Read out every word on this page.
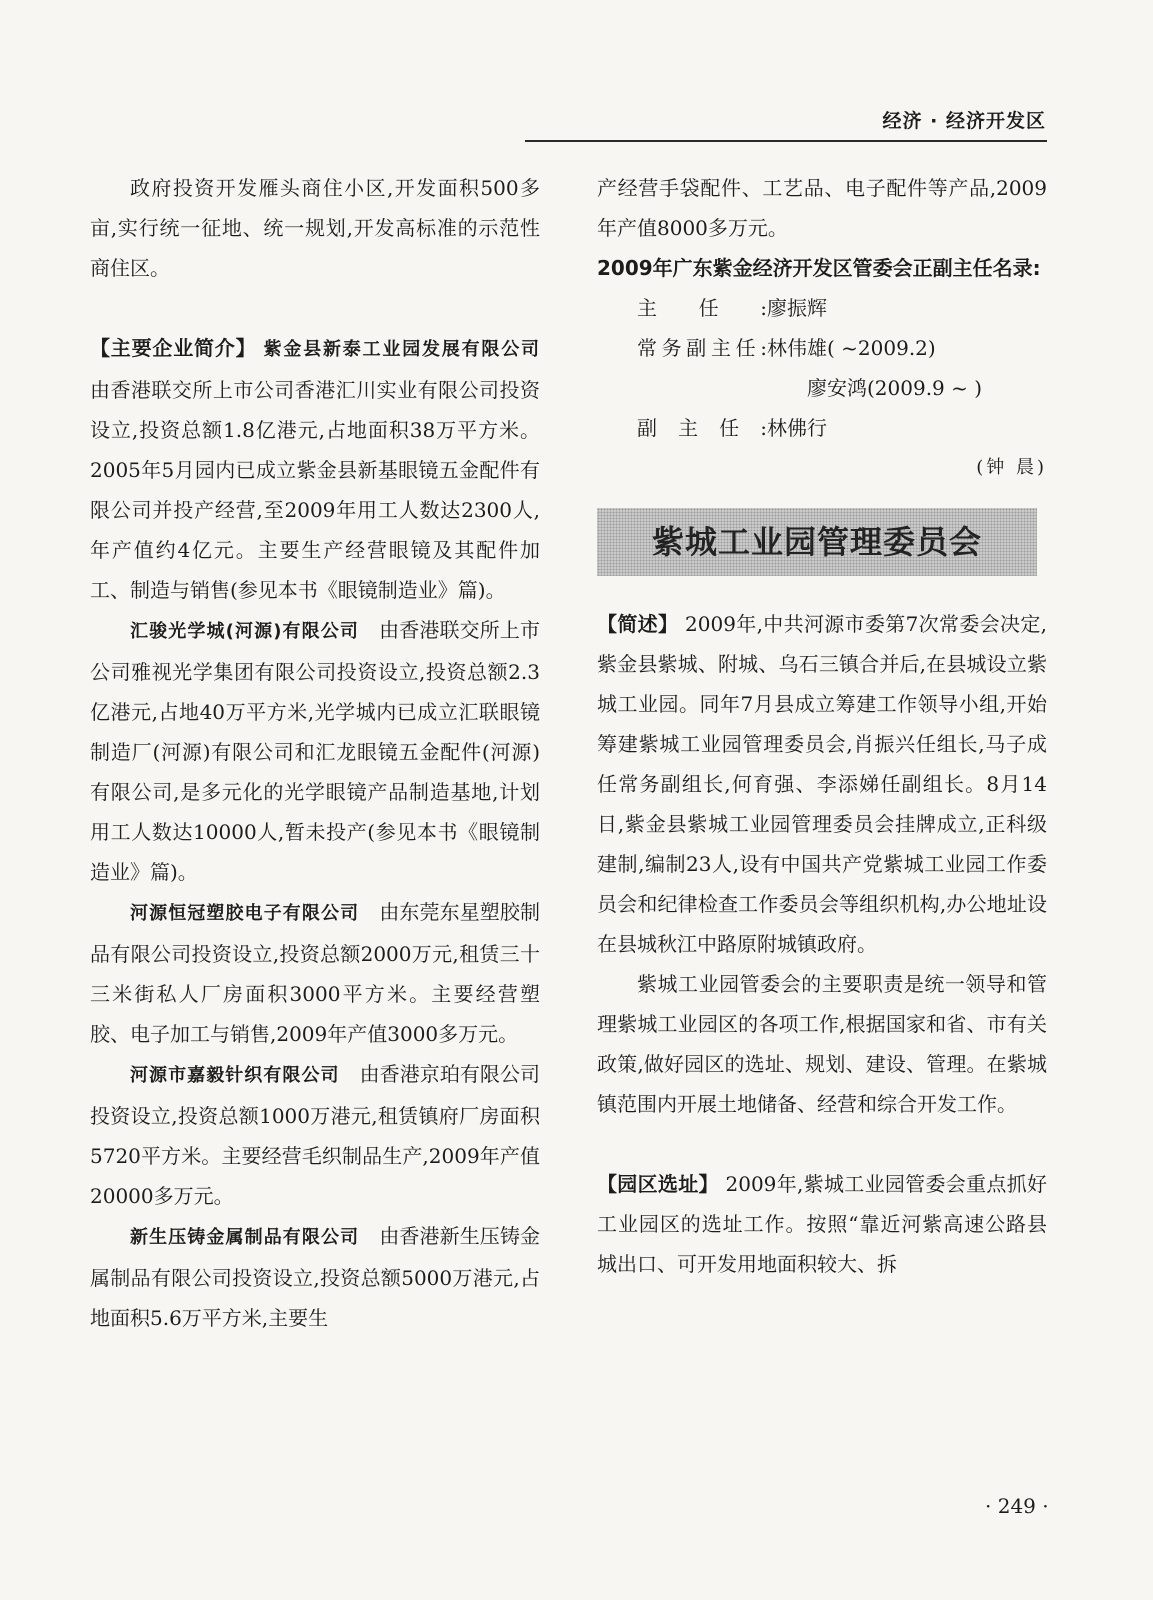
经济 · 经济开发区

政府投资开发雁头商住小区,开发面积500多亩,实行统一征地、统一规划,开发高标准的示范性商住区。

【主要企业简介】 紫金县新泰工业园发展有限公司　由香港联交所上市公司香港汇川实业有限公司投资设立,投资总额1.8亿港元,占地面积38万平方米。2005年5月园内已成立紫金县新基眼镜五金配件有限公司并投产经营,至2009年用工人数达2300人,年产值约4亿元。主要生产经营眼镜及其配件加工、制造与销售(参见本书《眼镜制造业》篇)。

汇骏光学城(河源)有限公司　 由香港联交所上市公司雅视光学集团有限公司投资设立,投资总额2.3亿港元,占地40万平方米,光学城内已成立汇联眼镜制造厂(河源)有限公司和汇龙眼镜五金配件(河源)有限公司,是多元化的光学眼镜产品制造基地,计划用工人数达10000人,暂未投产(参见本书《眼镜制造业》篇)。

河源恒冠塑胶电子有限公司　 由东莞东星塑胶制品有限公司投资设立,投资总额2000万元,租赁三十三米街私人厂房面积3000平方米。主要经营塑胶、电子加工与销售,2009年产值3000多万元。

河源市嘉毅针织有限公司　 由香港京珀有限公司投资设立,投资总额1000万港元,租赁镇府厂房面积5720平方米。主要经营毛织制品生产,2009年产值20000多万元。

新生压铸金属制品有限公司　 由香港新生压铸金属制品有限公司投资设立,投资总额5000万港元,占地面积5.6万平方米,主要生

产经营手袋配件、工艺品、电子配件等产品,2009年产值8000多万元。

2009年广东紫金经济开发区管委会正副主任名录:

主任: 廖振辉
常务副主任: 林伟雄( ~2009.2)
廖安鸿(2009.9 ~ )
副主任: 林佛行
(钟 晨)
紫城工业园管理委员会

【简述】 2009年,中共河源市委第7次常委会决定,紫金县紫城、附城、乌石三镇合并后,在县城设立紫城工业园。同年7月县成立筹建工作领导小组,开始筹建紫城工业园管理委员会,肖振兴任组长,马子成任常务副组长,何育强、李添娣任副组长。8月14日,紫金县紫城工业园管理委员会挂牌成立,正科级建制,编制23人,设有中国共产党紫城工业园工作委员会和纪律检查工作委员会等组织机构,办公地址设在县城秋江中路原附城镇政府。

紫城工业园管委会的主要职责是统一领导和管理紫城工业园区的各项工作,根据国家和省、市有关政策,做好园区的选址、规划、建设、管理。在紫城镇范围内开展土地储备、经营和综合开发工作。

【园区选址】 2009年,紫城工业园管委会重点抓好工业园区的选址工作。按照“靠近河紫高速公路县城出口、可开发用地面积较大、拆

· 249 ·
